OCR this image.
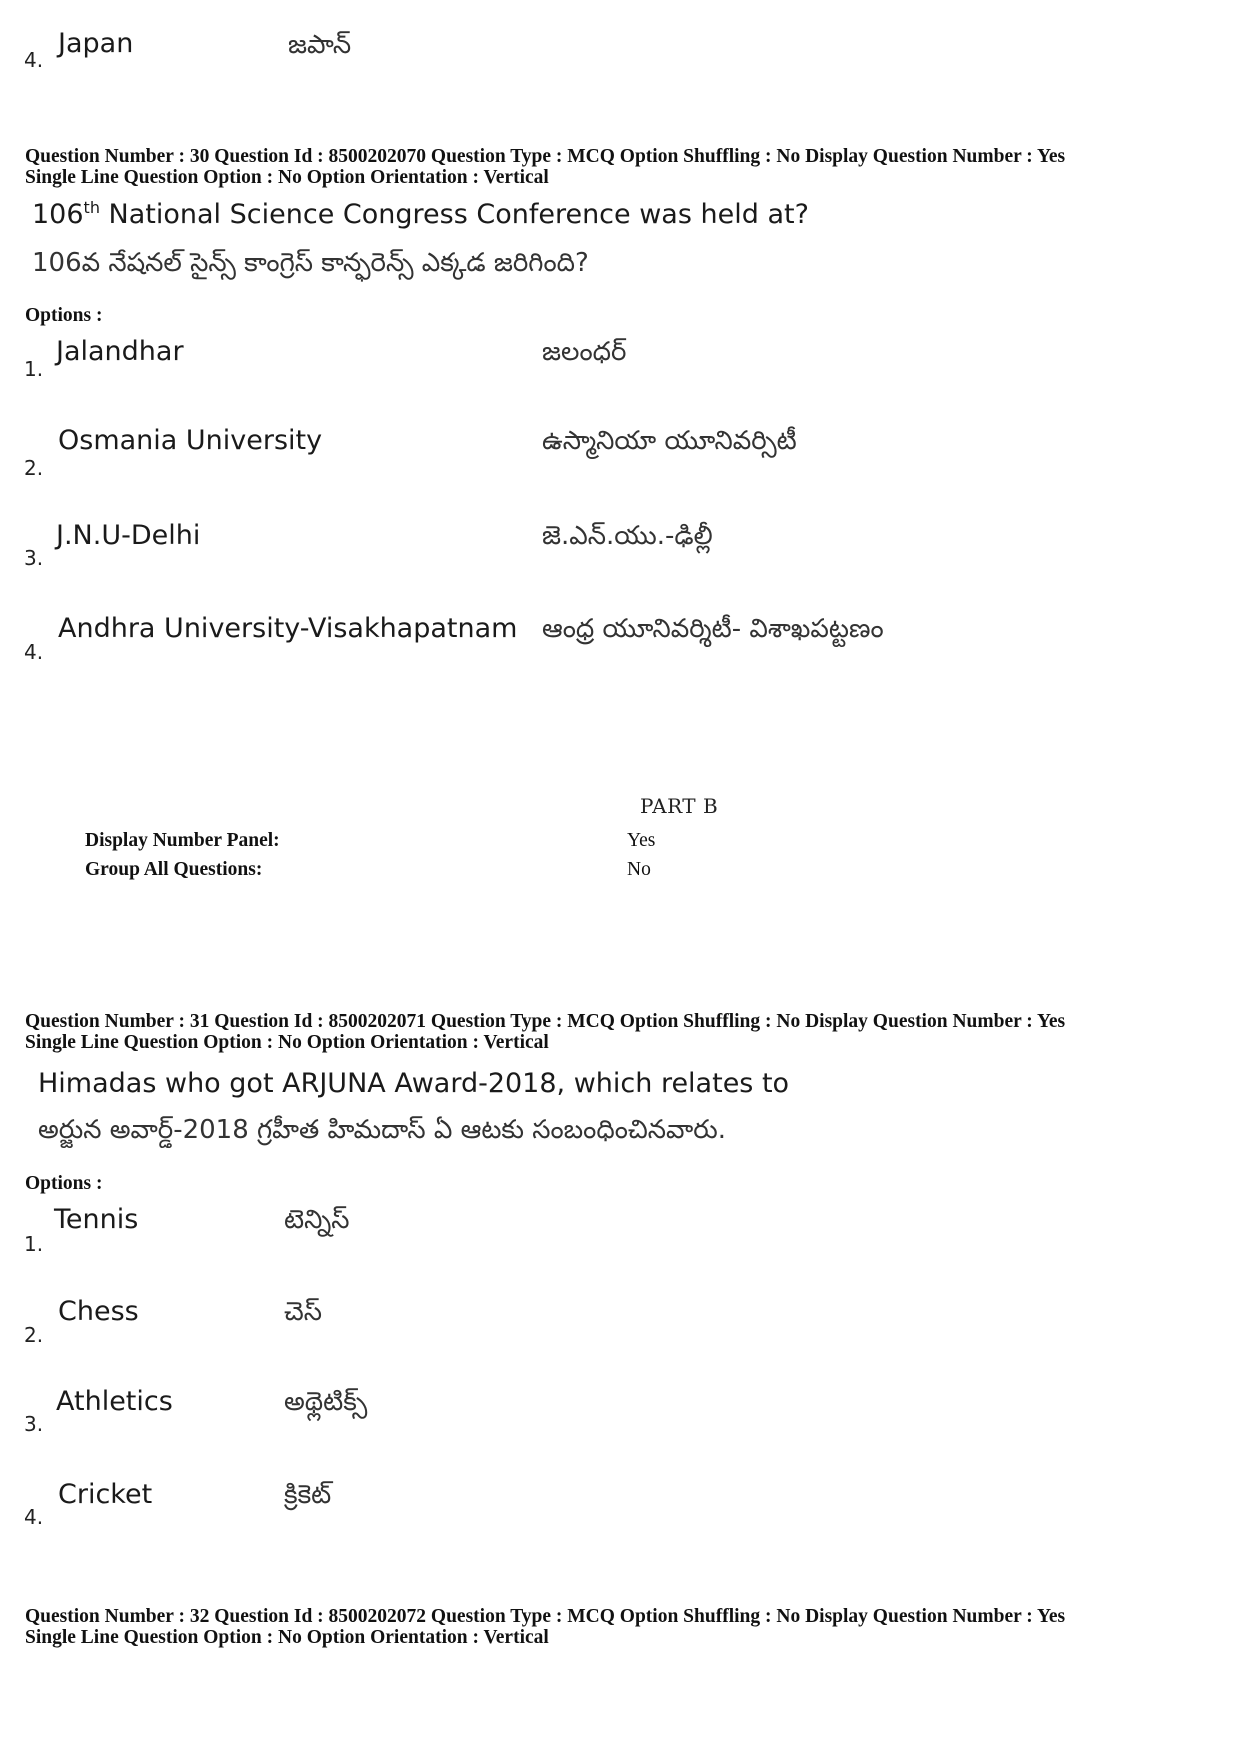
4.
Japan	జపాన్
Question Number : 30 Question Id : 8500202070 Question Type : MCQ Option Shuffling : No Display Question Number : Yes
Single Line Question Option : No Option Orientation : Vertical
106th National Science Congress Conference was held at?
106వ నేషనల్ సైన్స్ కాంగ్రెస్ కాన్ఫరెన్స్ ఎక్కడ జరిగింది?
Options :
1.
Jalandhar	జలంధర్
2.
Osmania University	ఉస్మానియా యూనివర్సిటీ
3.
J.N.U-Delhi	జె.ఎన్.యు.-ఢిల్లీ
4.
Andhra University-Visakhapatnam ఆంధ్ర యూనివర్శిటీ- విశాఖపట్టణం
PART B
Display Number Panel:	Yes
Group All Questions:	No
Question Number : 31 Question Id : 8500202071 Question Type : MCQ Option Shuffling : No Display Question Number : Yes
Single Line Question Option : No Option Orientation : Vertical
Himadas who got ARJUNA Award-2018, which relates to
అర్జున అవార్డ్-2018 గ్రహీత హిమదాస్ ఏ ఆటకు సంబంధించినవారు.
Options :
1.
Tennis	టెన్నిస్
2.
Chess	చెస్
3.
Athletics	అథ్లెటిక్స్
4.
Cricket	క్రికెట్
Question Number : 32 Question Id : 8500202072 Question Type : MCQ Option Shuffling : No Display Question Number : Yes
Single Line Question Option : No Option Orientation : Vertical
